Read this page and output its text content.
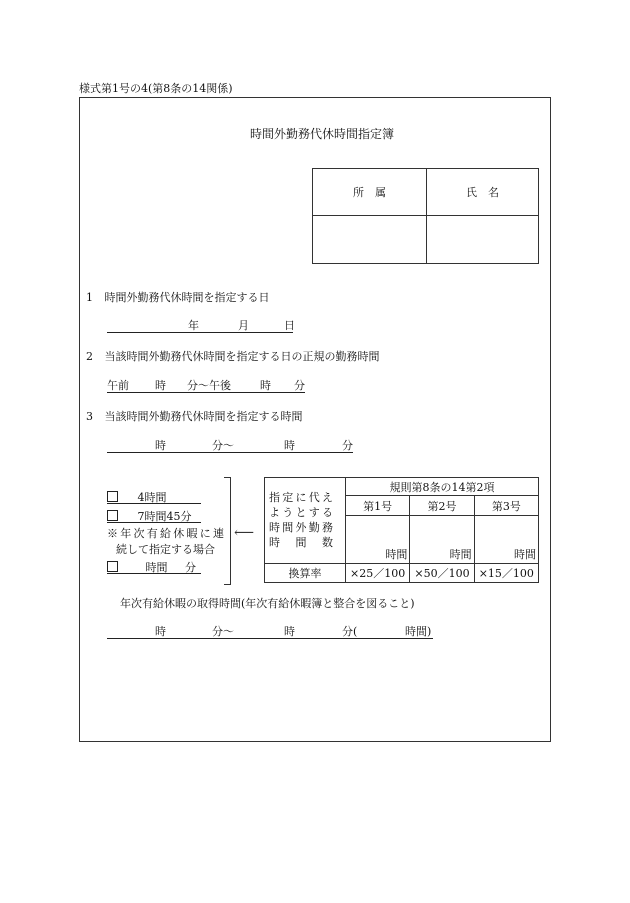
様式第1号の4(第8条の14関係)
時間外勤務代休時間指定簿
所　属	氏　名

1 時間外勤務代休時間を指定する日
年	月	日
2 当該時間外勤務代休時間を指定する日の正規の勤務時間
午前 時 分〜午後	時 分
3 当該時間外勤務代休時間を指定する時間
時	分〜	時	分
4時間
7時間45分
※年次有給休暇に連
続して指定する場合
時間 分
⟵
指定に代えようとする時間外勤務時間数	規則第8条の14第2項		
	第1号	第2号	第3号
	時間	時間	時間
換算率	×25／100	×50／100	×15／100
年次有給休暇の取得時間(年次有給休暇簿と整合を図ること)
時	分〜	時	分(	時間)
